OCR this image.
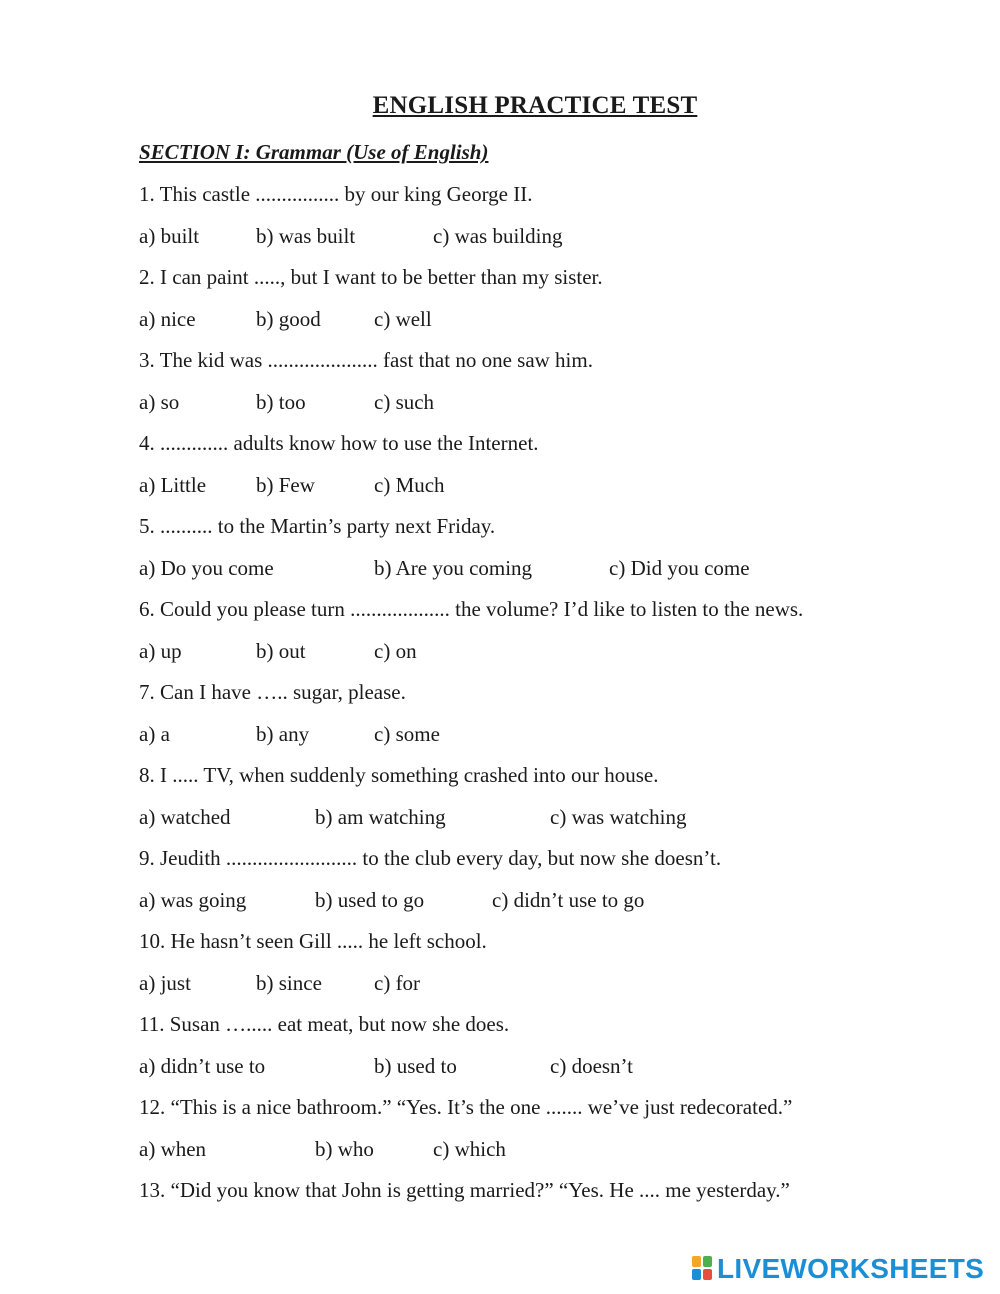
ENGLISH PRACTICE TEST
SECTION I: Grammar (Use of English)
1. This castle ................ by our king George II.
a) built	b) was built	c) was building
2. I can paint ....., but I want to be better than my sister.
a) nice	b) good	c) well
3. The kid was ..................... fast that no one saw him.
a) so	b) too	c) such
4. ............. adults know how to use the Internet.
a) Little b) Few	c) Much
5. .......... to the Martin’s party next Friday.
a) Do you come	b) Are you coming	c) Did you come
6. Could you please turn ................... the volume? I’d like to listen to the news.
a) up	b) out	c) on
7. Can I have ….. sugar, please.
a) a	b) any	c) some
8. I ..... TV, when suddenly something crashed into our house.
a) watched	b) am watching	c) was watching
9. Jeudith ......................... to the club every day, but now she doesn’t.
a) was going	b) used to go	c) didn’t use to go
10. He hasn’t seen Gill ..... he left school.
a) just	b) since c) for
11. Susan …..... eat meat, but now she does.
a) didn’t use to	b) used to	c) doesn’t
12. “This is a nice bathroom.” “Yes. It’s the one ....... we’ve just redecorated.”
a) when	b) who	c) which
13. “Did you know that John is getting married?” “Yes. He .... me yesterday.”
LIVEWORKSHEETS
